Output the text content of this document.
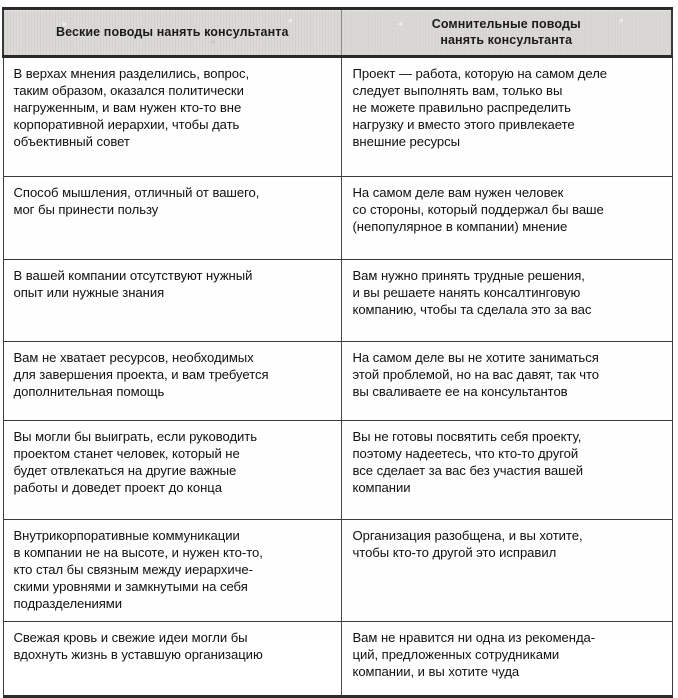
Веские поводы нанять консультанта	Сомнительные поводы
нанять консультанта

В верхах мнения разделились, вопрос,
таким образом, оказался политически
нагруженным, и вам нужен кто-то вне
корпоративной иерархии, чтобы дать
объективный совет	Проект — работа, которую на самом деле
следует выполнять вам, только вы
не можете правильно распределить
нагрузку и вместо этого привлекаете
внешние ресурсы

Способ мышления, отличный от вашего,
мог бы принести пользу	На самом деле вам нужен человек
со стороны, который поддержал бы ваше
(непопулярное в компании) мнение

В вашей компании отсутствуют нужный
опыт или нужные знания	Вам нужно принять трудные решения,
и вы решаете нанять консалтинговую
компанию, чтобы та сделала это за вас

Вам не хватает ресурсов, необходимых
для завершения проекта, и вам требуется
дополнительная помощь	На самом деле вы не хотите заниматься
этой проблемой, но на вас давят, так что
вы сваливаете ее на консультантов

Вы могли бы выиграть, если руководить
проектом станет человек, который не
будет отвлекаться на другие важные
работы и доведет проект до конца	Вы не готовы посвятить себя проекту,
поэтому надеетесь, что кто-то другой
все сделает за вас без участия вашей
компании

Внутрикорпоративные коммуникации
в компании не на высоте, и нужен кто-то,
кто стал бы связным между иерархиче-
скими уровнями и замкнутыми на себя
подразделениями	Организация разобщена, и вы хотите,
чтобы кто-то другой это исправил

Свежая кровь и свежие идеи могли бы
вдохнуть жизнь в уставшую организацию	Вам не нравится ни одна из рекоменда-
ций, предложенных сотрудниками
компании, и вы хотите чуда
